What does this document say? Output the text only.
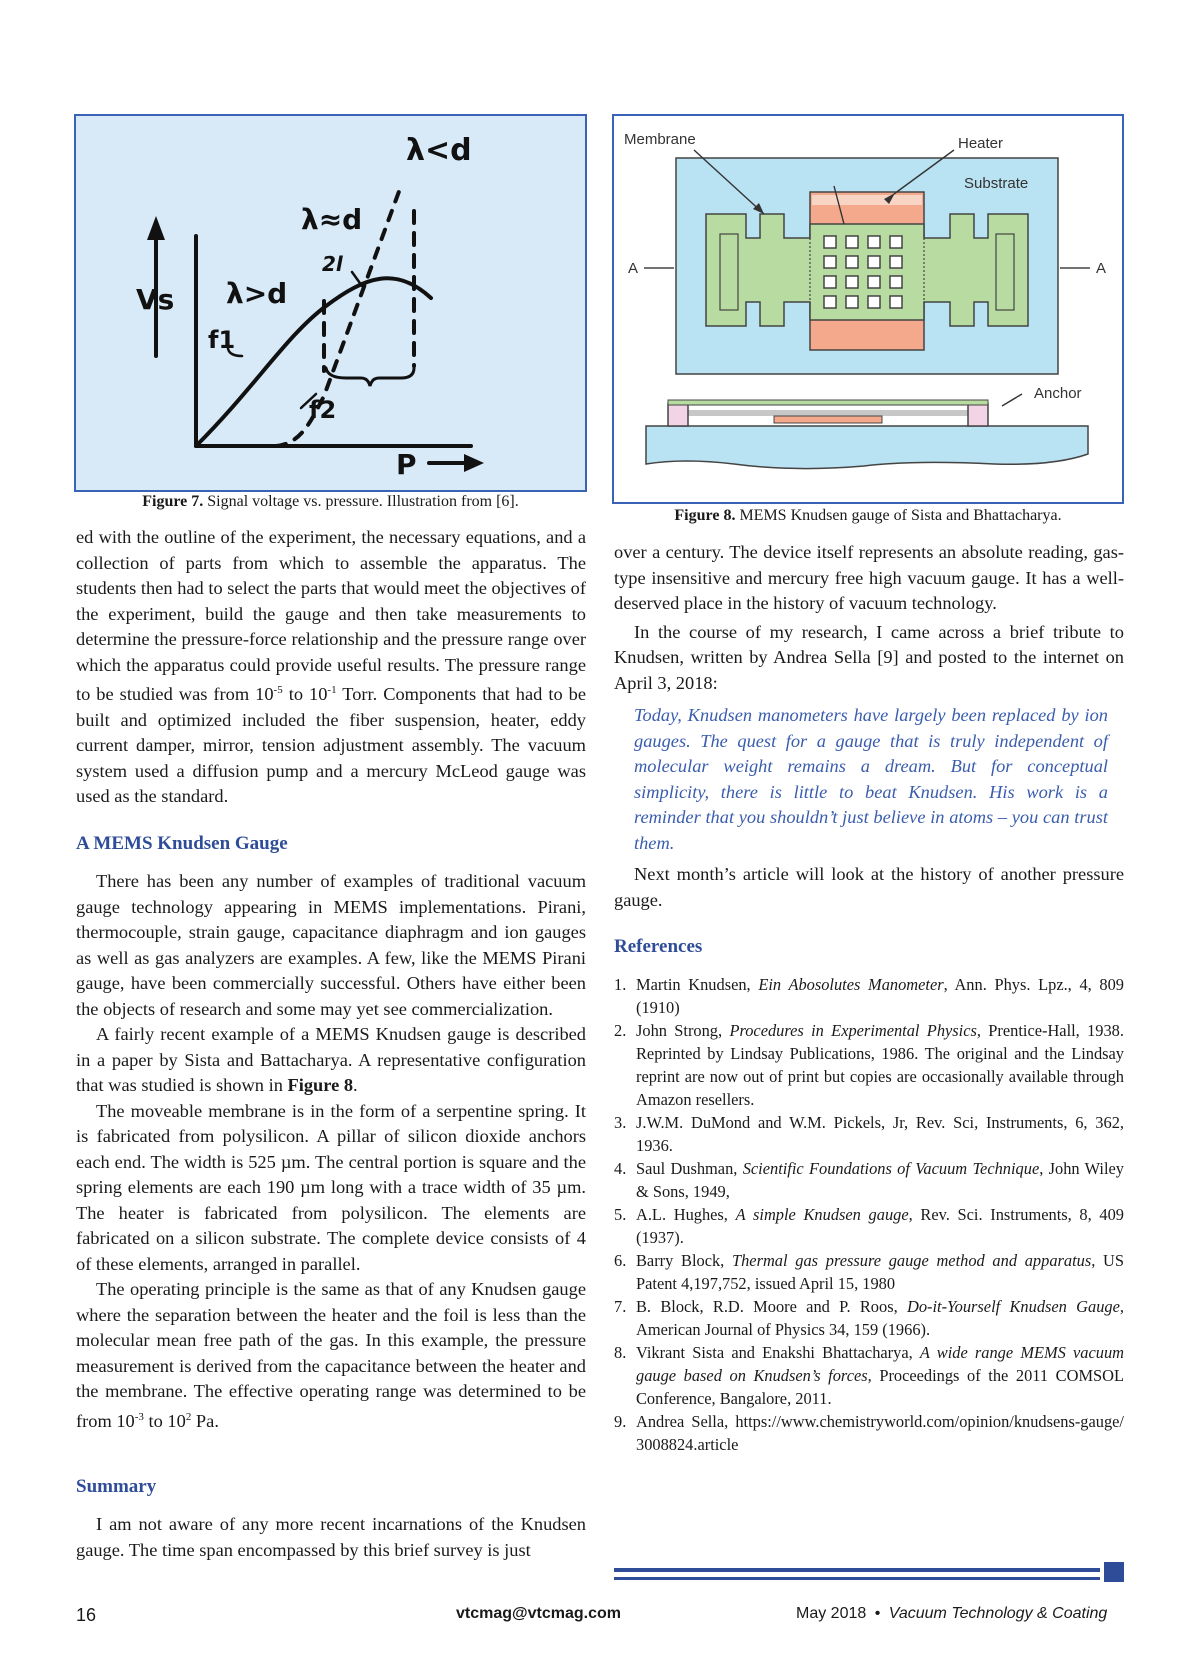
λ<d
λ≈d
λ>d
2l
Vs
f1
f2
P
Figure 7. Signal voltage vs. pressure. Illustration from [6].
Membrane	Heater
Substrate
A	A
Anchor
Figure 8. MEMS Knudsen gauge of Sista and Bhattacharya.

ed with the outline of the experiment, the necessary equations, and a collection of parts from which to assemble the apparatus. The students then had to select the parts that would meet the objectives of the experiment, build the gauge and then take measurements to determine the pressure-force relationship and the pressure range over which the apparatus could provide useful results. The pressure range to be studied was from $10^{-5}$ to $10^{-1}$ Torr. Components that had to be built and optimized included the fiber suspension, heater, eddy current damper, mirror, tension adjustment assembly. The vacuum system used a diffusion pump and a mercury McLeod gauge was used as the standard.

A MEMS Knudsen Gauge

There has been any number of examples of traditional vacuum gauge technology appearing in MEMS implementations. Pirani, thermocouple, strain gauge, capacitance diaphragm and ion gauges as well as gas analyzers are examples. A few, like the MEMS Pirani gauge, have been commercially successful. Others have either been the objects of research and some may yet see commercialization.

A fairly recent example of a MEMS Knudsen gauge is described in a paper by Sista and Battacharya. A representative configuration that was studied is shown in Figure 8.

The moveable membrane is in the form of a serpentine spring. It is fabricated from polysilicon. A pillar of silicon dioxide anchors each end. The width is 525 µm. The central portion is square and the spring elements are each 190 µm long with a trace width of 35 µm. The heater is fabricated from polysilicon. The elements are fabricated on a silicon substrate. The complete device consists of 4 of these elements, arranged in parallel.

The operating principle is the same as that of any Knudsen gauge where the separation between the heater and the foil is less than the molecular mean free path of the gas. In this example, the pressure measurement is derived from the capacitance between the heater and the membrane. The effective operating range was determined to be from $10^{-3}$ to $10^2$ Pa.

Summary
I am not aware of any more recent incarnations of the Knudsen gauge. The time span encompassed by this brief survey is just

over a century. The device itself represents an absolute reading, gas-type insensitive and mercury free high vacuum gauge. It has a well-deserved place in the history of vacuum technology.

In the course of my research, I came across a brief tribute to Knudsen, written by Andrea Sella [9] and posted to the internet on April 3, 2018:

Today, Knudsen manometers have largely been replaced by ion gauges. The quest for a gauge that is truly independent of molecular weight remains a dream. But for conceptual simplicity, there is little to beat Knudsen. His work is a reminder that you shouldn’t just believe in atoms – you can trust them.
Next month’s article will look at the history of another pressure gauge.
References
1. Martin Knudsen, Ein Abosolutes Manometer, Ann. Phys. Lpz., 4, 809 (1910)
2. John Strong, Procedures in Experimental Physics, Prentice-Hall, 1938. Reprinted by Lindsay Publications, 1986. The original and the Lindsay reprint are now out of print but copies are occasionally available through Amazon resellers.
3. J.W.M. DuMond and W.M. Pickels, Jr, Rev. Sci, Instruments, 6, 362, 1936.
4. Saul Dushman, Scientific Foundations of Vacuum Technique, John Wiley & Sons, 1949,
5. A.L. Hughes, A simple Knudsen gauge, Rev. Sci. Instruments, 8, 409 (1937).
6. Barry Block, Thermal gas pressure gauge method and apparatus, US Patent 4,197,752, issued April 15, 1980
7. B. Block, R.D. Moore and P. Roos, Do-it-Yourself Knudsen Gauge, American Journal of Physics 34, 159 (1966).
8. Vikrant Sista and Enakshi Bhattacharya, A wide range MEMS vacuum gauge based on Knudsen’s forces, Proceedings of the 2011 COMSOL Conference, Bangalore, 2011.
9. Andrea Sella, https://www.chemistryworld.com/opinion/knudsens-gauge/3008824.article
16	vtcmag@vtcmag.com	May 2018 • Vacuum Technology & Coating
